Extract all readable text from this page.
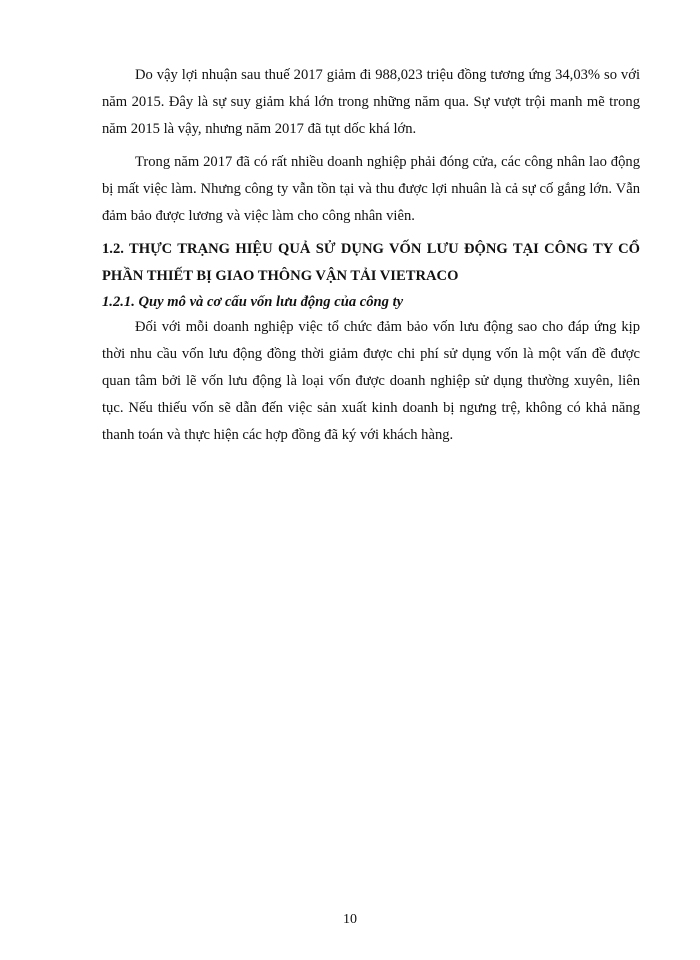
Do vậy lợi nhuận sau thuế 2017 giảm đi 988,023 triệu đồng tương ứng 34,03% so với năm 2015. Đây là sự suy giảm khá lớn trong những năm qua. Sự vượt trội manh mẽ trong năm 2015 là vậy, nhưng năm 2017 đã tụt dốc khá lớn.

Trong năm 2017 đã có rất nhiều doanh nghiệp phải đóng cửa, các công nhân lao động bị mất việc làm. Nhưng công ty vẫn tồn tại và thu được lợi nhuân là cả sự cố gắng lớn. Vẫn đảm bảo được lương và việc làm cho công nhân viên.

1.2. THỰC TRẠNG HIỆU QUẢ SỬ DỤNG VỐN LƯU ĐỘNG TẠI CÔNG TY CỔ PHẦN THIẾT BỊ GIAO THÔNG VẬN TẢI VIETRACO
1.2.1. Quy mô và cơ cấu vốn lưu động của công ty

Đối với mỗi doanh nghiệp việc tổ chức đảm bảo vốn lưu động sao cho đáp ứng kịp thời nhu cầu vốn lưu động đồng thời giảm được chi phí sử dụng vốn là một vấn đề được quan tâm bởi lẽ vốn lưu động là loại vốn được doanh nghiệp sử dụng thường xuyên, liên tục. Nếu thiếu vốn sẽ dẫn đến việc sản xuất kinh doanh bị ngưng trệ, không có khả năng thanh toán và thực hiện các hợp đồng đã ký với khách hàng.

10
